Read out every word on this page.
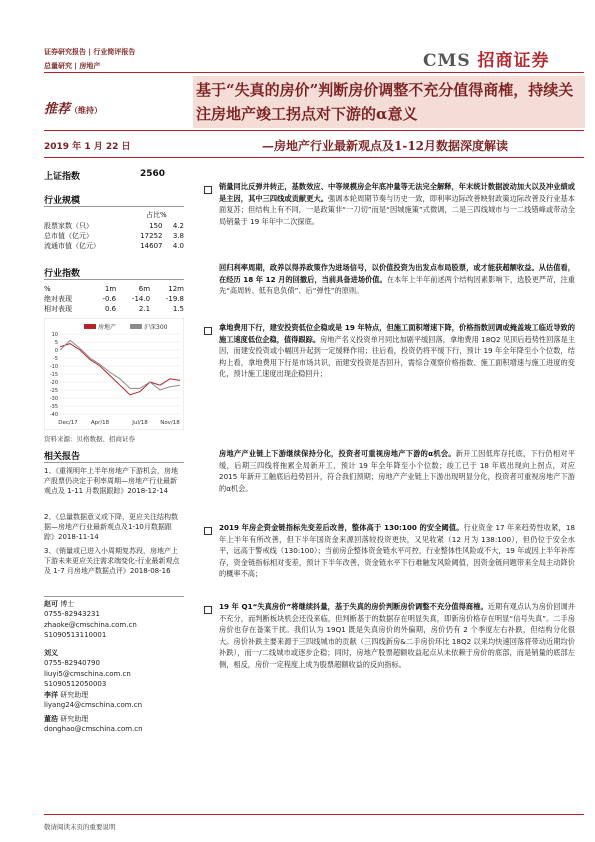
证券研究报告 | 行业简评报告
总量研究 | 房地产	CMS 招商证券
基于“失真的房价”判断房价调整不充分值得商榷，持续关注房地产竣工拐点对下游的α意义
推荐（维持）
2019 年 1 月 22 日	—房地产行业最新观点及1-12月数据深度解读
上证指数	2560
行业规模
占比%
股票家数（只）	150	4.2
总市值（亿元）	17252	3.8
流通市值（亿元）	14607	4.0
行业指数
%	1m	6m	12m
绝对表现	-0.6	-14.0	-19.8
相对表现	0.6	2.1	1.5
10
5
0
-5
-10
-15
-20
-25
-30
-35
-40
Dec/17 Apr/18	Jul/18 Nov/18
房地产	沪深300
资料来源：贝格数据、招商证券
相关报告
1、《重视明年上半年房地产下游机会，房地产股票仍决定于利率周期—房地产行业最新观点及 1-11 月数据跟踪》2018-12-14
2、《总量数据意义或下降，更应关注结构数据—房地产行业最新观点及1-10月数据跟踪》2018-11-14
3、《销量或已进入小周期复苏段，房地产上下游未来更应关注需求端变化-行业最新观点及 1-7 月房地产数据点评》2018-08-16
赵可 博士
0755-82943231
zhaoke@cmschina.com.cn
S1090513110001
刘义
0755-82940790
liuyi5@cmschina.com.cn
S1090512050003
李洋 研究助理
liyang24@cmschina.com.cn
董浩 研究助理
donghao@cmschina.com.cn
销量同比反弹并转正，基数效应、中等规模房企年底冲量等无法完全解释，年末统计数据波动加大以及冲业绩或是主因，其中三四线或贡献更大。强调本轮周期节奏与历史一致，即利率边际改善映射政策边际改善及行业基本面复苏；但结构上有不同，一是政策非“一刀切”而是“因城施策”式微调，二是三四线城市与一二线错峰或带动全局销量于 19 年年中二次探底。
回归利率周期，政养以得养政策作为进场信号，以价值投资为出发点布局股票，或才能获超额收益。从估值看，在经历 18 年 12 月的回撤后，当前具备进场价值。在本年上半年前述两个结构因素影响下，选股更严苛，注重先“高周转、低有息负债”、后“弹性”的原则。
拿地费用下行，建安投资低位企稳或是 19 年特点，但施工面积增速下降，价格指数回调或掩盖竣工临近导致的施工速度低位企稳，值得跟踪。房地产名义投资单月同比加剧平缓回落，拿地费用 18Q2 见顶后趋势性回落是主因，而建安投资或小幅回升起到一定缓释作用；往后看，投资仍将平缓下行，预计 19 年全年降至小个位数，结构上看，拿地费用下行是市场共识，而建安投资是否回升，需综合观察价格指数、施工面积增速与施工进度的变化，预计施工速度出现企稳回升；
房地产产业链上下游继续保持分化，投资者可重视房地产下游的α机会。新开工因低库存托底，下行仍相对平缓，后期三四线将拖累全局新开工，预计 19 年全年降至小个位数；竣工已于 18 年底出现向上拐点，对应 2015 年新开工触底后趋势回升，符合我们预期；房地产产业链上下游出现明显分化，投资者可重视房地产下游的α机会。
2019 年房企资金链指标先变差后改善，整体高于 130:100 的安全阈值。行业资金 17 年来趋势性收紧，18 年上半年有所改善，但下半年国资金来源回落较投资更快，又见收紧（12 月为 138:100），但仍位于安全水平，远高于警戒线（130:100）；当前房企整体资金链水平可控，行业整体性风险或不大，19 年或因上半年补库存，资金链指标相对变差，预计下半年改善，资金链水平下行难触发风险阈值，因资金链问题带来全局主动降价的概率不高；
19 年 Q1“失真房价”将继续抖量，基于失真的房价判断房价调整不充分值得商榷。近期有观点认为房价回调并不充分，而判断板块机会还没来临，但判断基于的数据存在明显失真，即新房价格存在明显“信号失真”。二手房房价也存在备案干扰。我们认为 19Q1 既是失真房价的外偏期，房价仍有 2 个季度左右补跌，但结构分化很大。房价补跌主要来源于三四线城市的贡献（三四线新房&二手房价环比 18Q2 以来均快速回落将带动近期均价补跌），而一/二线城市或逐步企稳；同时，房地产股票超额收益起点从未依赖于房价的底部，而是销量的底部左侧，相反，房价一定程度上成为股票超额收益的反向指标。
敬请阅读末页的重要说明
